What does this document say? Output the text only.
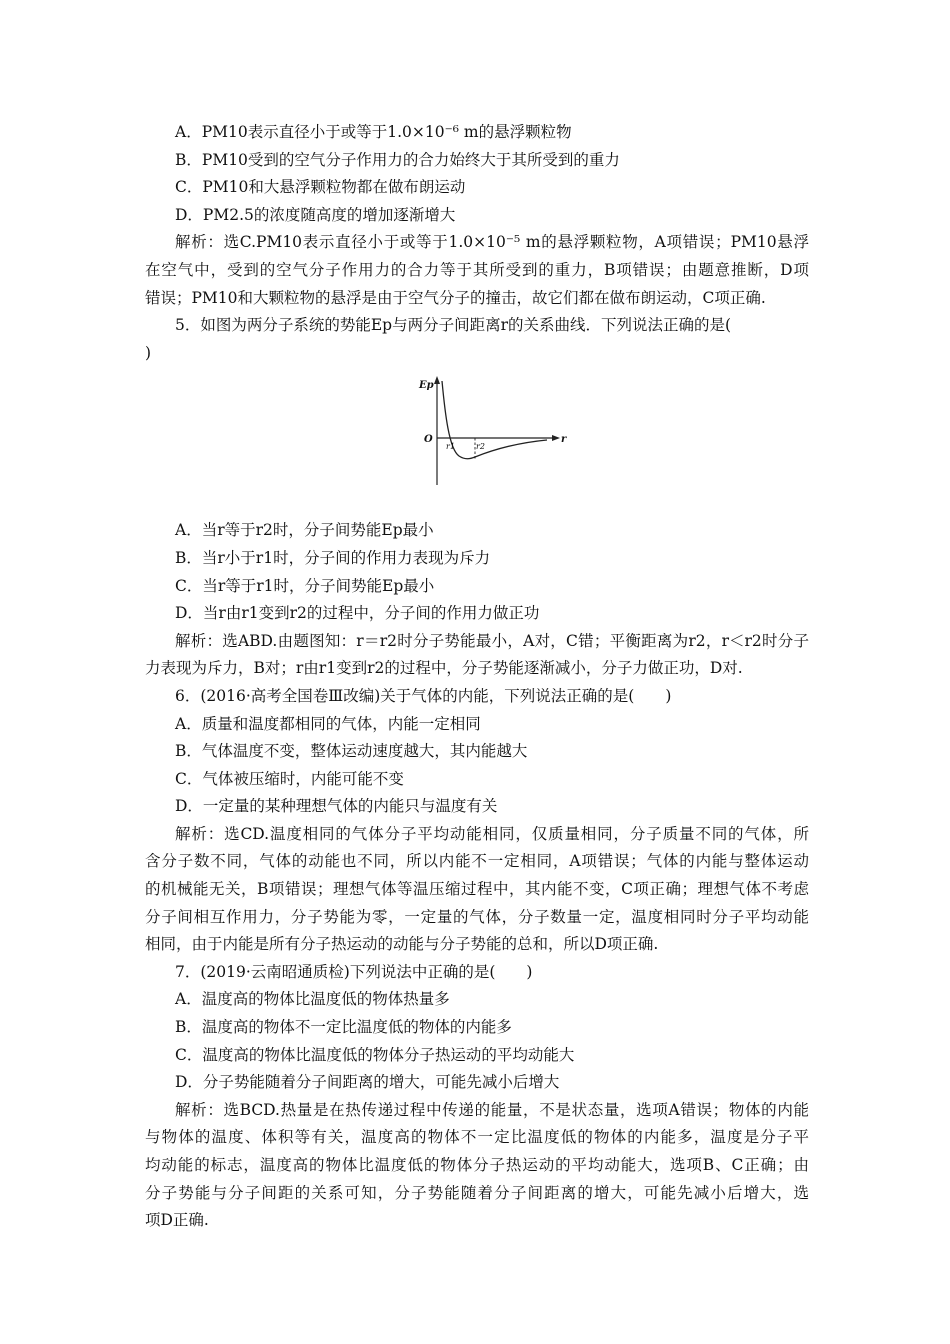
A．PM10表示直径小于或等于1.0×10⁻⁶ m的悬浮颗粒物
B．PM10受到的空气分子作用力的合力始终大于其所受到的重力
C．PM10和大悬浮颗粒物都在做布朗运动
D．PM2.5的浓度随高度的增加逐渐增大
解析：选C.PM10表示直径小于或等于1.0×10⁻⁵ m的悬浮颗粒物，A项错误；PM10悬浮
在空气中，受到的空气分子作用力的合力等于其所受到的重力，B项错误；由题意推断，D项
错误；PM10和大颗粒物的悬浮是由于空气分子的撞击，故它们都在做布朗运动，C项正确.
5．如图为两分子系统的势能Ep与两分子间距离r的关系曲线．下列说法正确的是(
)
Ep
O
r1	r2
r
A．当r等于r2时，分子间势能Ep最小
B．当r小于r1时，分子间的作用力表现为斥力
C．当r等于r1时，分子间势能Ep最小
D．当r由r1变到r2的过程中，分子间的作用力做正功
解析：选ABD.由题图知：r＝r2时分子势能最小，A对，C错；平衡距离为r2，r＜r2时分子
力表现为斥力，B对；r由r1变到r2的过程中，分子势能逐渐减小，分子力做正功，D对.
6．(2016·高考全国卷Ⅲ改编)关于气体的内能，下列说法正确的是(　　)
A．质量和温度都相同的气体，内能一定相同
B．气体温度不变，整体运动速度越大，其内能越大
C．气体被压缩时，内能可能不变
D．一定量的某种理想气体的内能只与温度有关
解析：选CD.温度相同的气体分子平均动能相同，仅质量相同，分子质量不同的气体，所
含分子数不同，气体的动能也不同，所以内能不一定相同，A项错误；气体的内能与整体运动
的机械能无关，B项错误；理想气体等温压缩过程中，其内能不变，C项正确；理想气体不考虑
分子间相互作用力，分子势能为零，一定量的气体，分子数量一定，温度相同时分子平均动能
相同，由于内能是所有分子热运动的动能与分子势能的总和，所以D项正确.
7．(2019·云南昭通质检)下列说法中正确的是(　　)
A．温度高的物体比温度低的物体热量多
B．温度高的物体不一定比温度低的物体的内能多
C．温度高的物体比温度低的物体分子热运动的平均动能大
D．分子势能随着分子间距离的增大，可能先减小后增大
解析：选BCD.热量是在热传递过程中传递的能量，不是状态量，选项A错误；物体的内能
与物体的温度、体积等有关，温度高的物体不一定比温度低的物体的内能多，温度是分子平
均动能的标志，温度高的物体比温度低的物体分子热运动的平均动能大，选项B、C正确；由
分子势能与分子间距的关系可知，分子势能随着分子间距离的增大，可能先减小后增大，选
项D正确.
